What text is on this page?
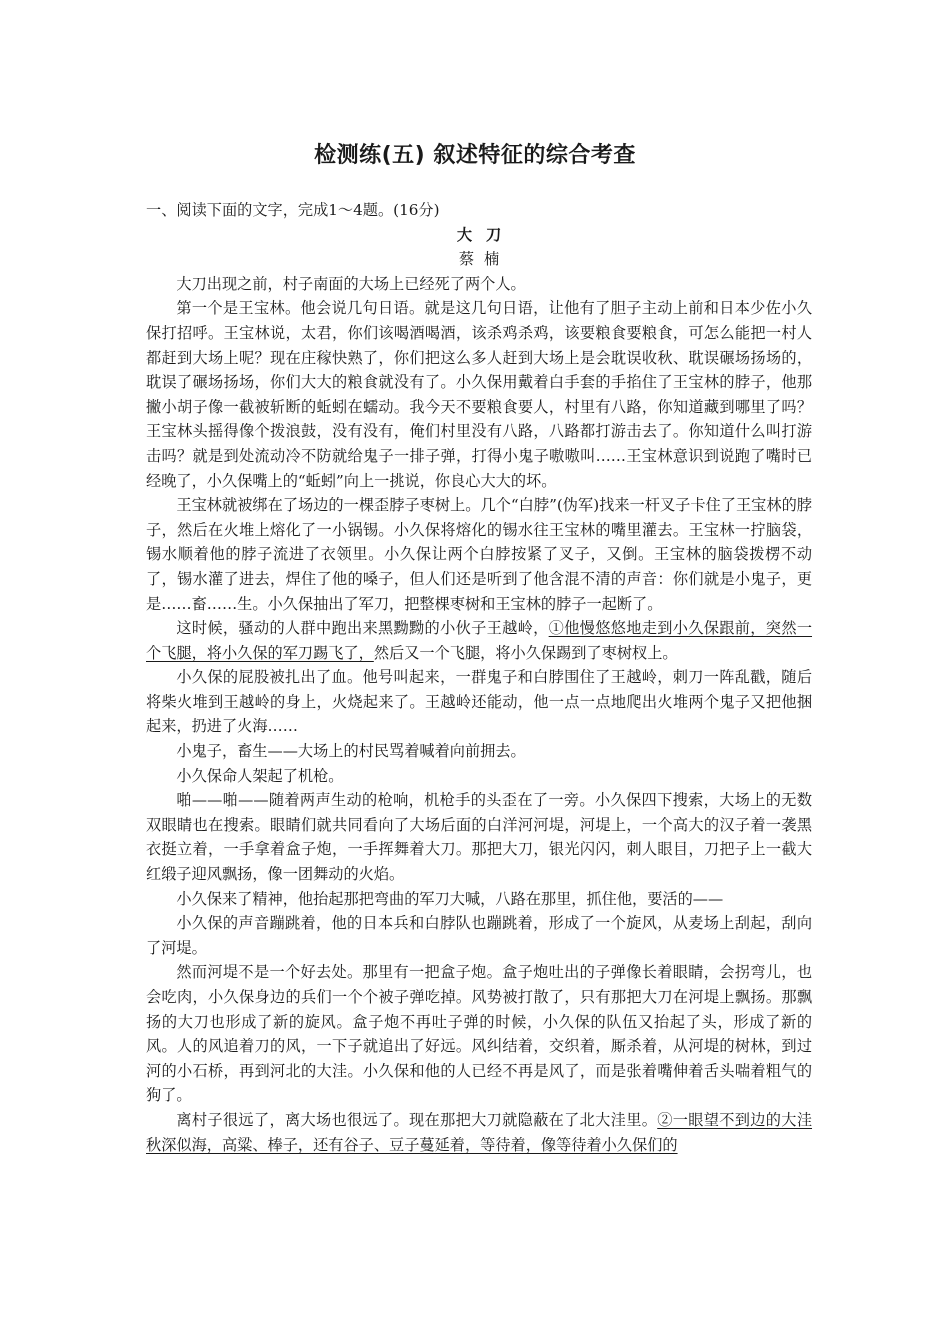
检测练(五) 叙述特征的综合考查

一、阅读下面的文字，完成1～4题。(16分)

大刀

蔡楠

大刀出现之前，村子南面的大场上已经死了两个人。

第一个是王宝林。他会说几句日语。就是这几句日语，让他有了胆子主动上前和日本少佐小久保打招呼。王宝林说，太君，你们该喝酒喝酒，该杀鸡杀鸡，该要粮食要粮食，可怎么能把一村人都赶到大场上呢？现在庄稼快熟了，你们把这么多人赶到大场上是会耽误收秋、耽误碾场扬场的，耽误了碾场扬场，你们大大的粮食就没有了。小久保用戴着白手套的手掐住了王宝林的脖子，他那撇小胡子像一截被斩断的蚯蚓在蠕动。我今天不要粮食要人，村里有八路，你知道藏到哪里了吗？王宝林头摇得像个拨浪鼓，没有没有，俺们村里没有八路，八路都打游击去了。你知道什么叫打游击吗？就是到处流动冷不防就给鬼子一排子弹，打得小鬼子嗷嗷叫……王宝林意识到说跑了嘴时已经晚了，小久保嘴上的“蚯蚓”向上一挑说，你良心大大的坏。

王宝林就被绑在了场边的一棵歪脖子枣树上。几个“白脖”(伪军)找来一杆叉子卡住了王宝林的脖子，然后在火堆上熔化了一小锅锡。小久保将熔化的锡水往王宝林的嘴里灌去。王宝林一拧脑袋，锡水顺着他的脖子流进了衣领里。小久保让两个白脖按紧了叉子，又倒。王宝林的脑袋拨楞不动了，锡水灌了进去，焊住了他的嗓子，但人们还是听到了他含混不清的声音：你们就是小鬼子，更是……畜……生。小久保抽出了军刀，把整棵枣树和王宝林的脖子一起断了。

这时候，骚动的人群中跑出来黑黝黝的小伙子王越岭，①他慢悠悠地走到小久保跟前，突然一个飞腿，将小久保的军刀踢飞了，然后又一个飞腿，将小久保踢到了枣树杈上。

小久保的屁股被扎出了血。他号叫起来，一群鬼子和白脖围住了王越岭，刺刀一阵乱戳，随后将柴火堆到王越岭的身上，火烧起来了。王越岭还能动，他一点一点地爬出火堆两个鬼子又把他捆起来，扔进了火海……

小鬼子，畜生——大场上的村民骂着喊着向前拥去。

小久保命人架起了机枪。

啪——啪——随着两声生动的枪响，机枪手的头歪在了一旁。小久保四下搜索，大场上的无数双眼睛也在搜索。眼睛们就共同看向了大场后面的白洋河河堤，河堤上，一个高大的汉子着一袭黑衣挺立着，一手拿着盒子炮，一手挥舞着大刀。那把大刀，银光闪闪，刺人眼目，刀把子上一截大红缎子迎风飘扬，像一团舞动的火焰。

小久保来了精神，他抬起那把弯曲的军刀大喊，八路在那里，抓住他，要活的——

小久保的声音蹦跳着，他的日本兵和白脖队也蹦跳着，形成了一个旋风，从麦场上刮起，刮向了河堤。

然而河堤不是一个好去处。那里有一把盒子炮。盒子炮吐出的子弹像长着眼睛，会拐弯儿，也会吃肉，小久保身边的兵们一个个被子弹吃掉。风势被打散了，只有那把大刀在河堤上飘扬。那飘扬的大刀也形成了新的旋风。盒子炮不再吐子弹的时候，小久保的队伍又抬起了头，形成了新的风。人的风追着刀的风，一下子就追出了好远。风纠结着，交织着，厮杀着，从河堤的树林，到过河的小石桥，再到河北的大洼。小久保和他的人已经不再是风了，而是张着嘴伸着舌头喘着粗气的狗了。

离村子很远了，离大场也很远了。现在那把大刀就隐蔽在了北大洼里。②一眼望不到边的大洼秋深似海，高粱、棒子，还有谷子、豆子蔓延着，等待着，像等待着小久保们的
